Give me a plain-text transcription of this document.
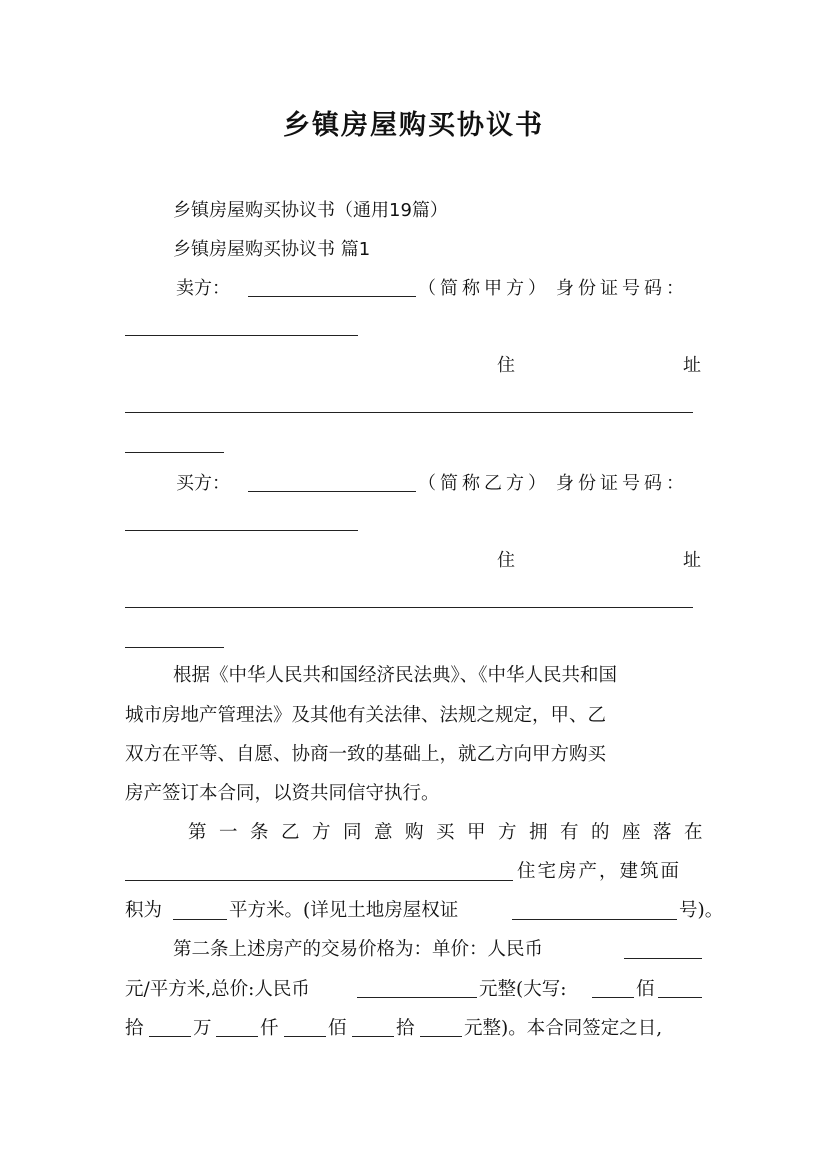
乡镇房屋购买协议书
乡镇房屋购买协议书（通用19篇）
乡镇房屋购买协议书 篇1
卖方：	（简称甲方） 身份证号码：
住	址
买方：	（简称乙方） 身份证号码：
住	址
根据《中华人民共和国经济民法典》、《中华人民共和国
城市房地产管理法》及其他有关法律、法规之规定，甲、乙
双方在平等、自愿、协商一致的基础上，就乙方向甲方购买
房产签订本合同，以资共同信守执行。
第一条乙方同意购买甲方拥有的座落在
住宅房产，建筑面
积为	平方米。(详见土地房屋权证	号)。
第二条上述房产的交易价格为：单价：人民币
元/平方米,总价:人民币	元整(大写:	佰
拾	万	仟	佰	拾	元整)。本合同签定之日,
